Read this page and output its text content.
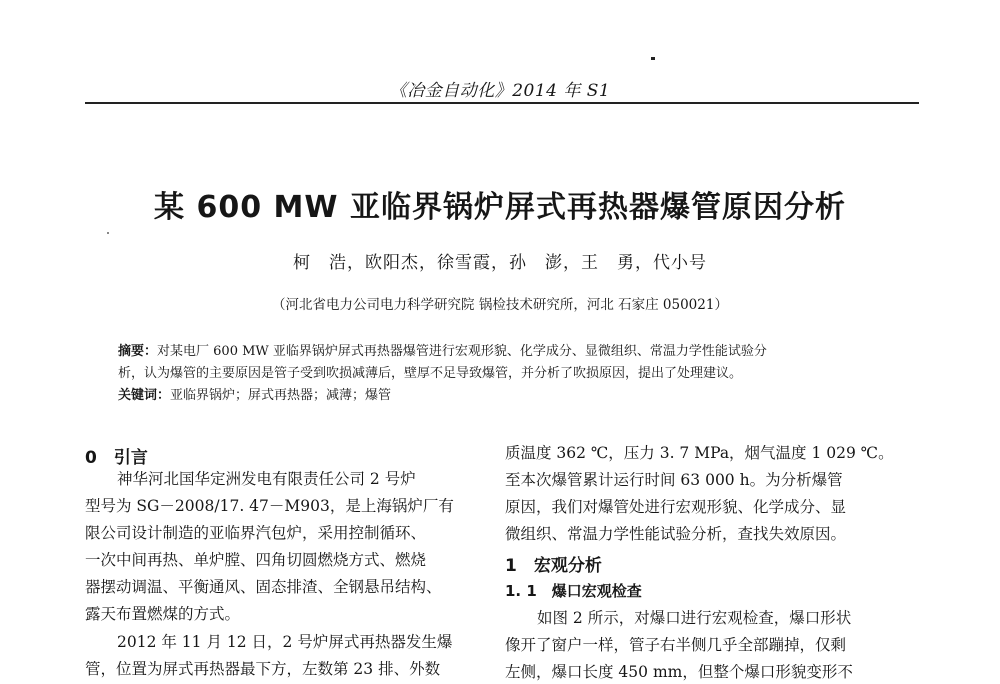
《冶金自动化》2014 年 S1
某 600 MW 亚临界锅炉屏式再热器爆管原因分析
柯　浩，欧阳杰，徐雪霞，孙　澎，王　勇，代小号
（河北省电力公司电力科学研究院 锅检技术研究所，河北 石家庄 050021）
摘要：对某电厂 600 MW 亚临界锅炉屏式再热器爆管进行宏观形貌、化学成分、显微组织、常温力学性能试验分
析，认为爆管的主要原因是管子受到吹损减薄后，壁厚不足导致爆管，并分析了吹损原因，提出了处理建议。
关键词：亚临界锅炉；屏式再热器；减薄；爆管
0　引言
神华河北国华定洲发电有限责任公司 2 号炉
型号为 SG－2008/17. 47－M903，是上海锅炉厂有
限公司设计制造的亚临界汽包炉，采用控制循环、
一次中间再热、单炉膛、四角切圆燃烧方式、燃烧
器摆动调温、平衡通风、固态排渣、全钢悬吊结构、
露天布置燃煤的方式。
2012 年 11 月 12 日，2 号炉屏式再热器发生爆
管，位置为屏式再热器最下方，左数第 23 排、外数
质温度 362 ℃，压力 3. 7 MPa，烟气温度 1 029 ℃。
至本次爆管累计运行时间 63 000 h。为分析爆管
原因，我们对爆管处进行宏观形貌、化学成分、显
微组织、常温力学性能试验分析，查找失效原因。
1　宏观分析
1. 1　爆口宏观检查
如图 2 所示，对爆口进行宏观检查，爆口形状
像开了窗户一样，管子右半侧几乎全部蹦掉，仅剩
左侧，爆口长度 450 mm，但整个爆口形貌变形不
